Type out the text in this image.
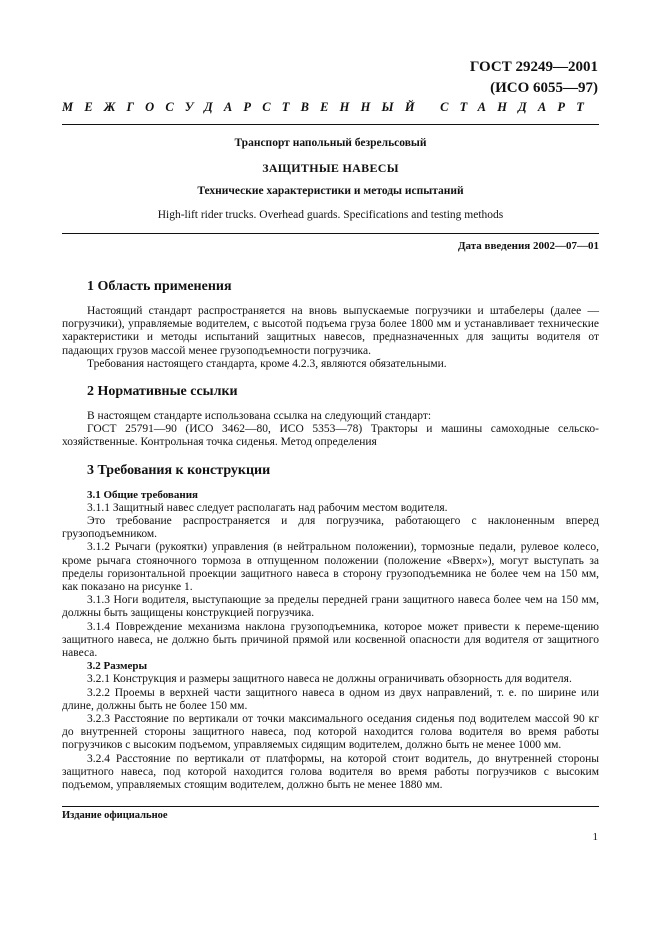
ГОСТ 29249—2001
(ИСО 6055—97)
МЕЖГОСУДАРСТВЕННЫЙ СТАНДАРТ
Транспорт напольный безрельсовый
ЗАЩИТНЫЕ НАВЕСЫ
Технические характеристики и методы испытаний
High-lift rider trucks. Overhead guards. Specifications and testing methods
Дата введения 2002—07—01
1 Область применения

Настоящий стандарт распространяется на вновь выпускаемые погрузчики и штабелеры (далее — погрузчики), управляемые водителем, с высотой подъема груза более 1800 мм и устанавливает технические характеристики и методы испытаний защитных навесов, предназначенных для защиты водителя от падающих грузов массой менее грузоподъемности погрузчика.

Требования настоящего стандарта, кроме 4.2.3, являются обязательными.

2 Нормативные ссылки

В настоящем стандарте использована ссылка на следующий стандарт:

ГОСТ 25791—90 (ИСО 3462—80, ИСО 5353—78) Тракторы и машины самоходные сельско-хозяйственные. Контрольная точка сиденья. Метод определения

3 Требования к конструкции
3.1 Общие требования

3.1.1 Защитный навес следует располагать над рабочим местом водителя.

Это требование распространяется и для погрузчика, работающего с наклоненным вперед грузоподъемником.

3.1.2 Рычаги (рукоятки) управления (в нейтральном положении), тормозные педали, рулевое колесо, кроме рычага стояночного тормоза в отпущенном положении (положение «Вверх»), могут выступать за пределы горизонтальной проекции защитного навеса в сторону грузоподъемника не более чем на 150 мм, как показано на рисунке 1.

3.1.3 Ноги водителя, выступающие за пределы передней грани защитного навеса более чем на 150 мм, должны быть защищены конструкцией погрузчика.

3.1.4 Повреждение механизма наклона грузоподъемника, которое может привести к переме-щению защитного навеса, не должно быть причиной прямой или косвенной опасности для водителя от защитного навеса.

3.2 Размеры

3.2.1 Конструкция и размеры защитного навеса не должны ограничивать обзорность для водителя.

3.2.2 Проемы в верхней части защитного навеса в одном из двух направлений, т. е. по ширине или длине, должны быть не более 150 мм.

3.2.3 Расстояние по вертикали от точки максимального оседания сиденья под водителем массой 90 кг до внутренней стороны защитного навеса, под которой находится голова водителя во время работы погрузчиков с высоким подъемом, управляемых сидящим водителем, должно быть не менее 1000 мм.

3.2.4 Расстояние по вертикали от платформы, на которой стоит водитель, до внутренней стороны защитного навеса, под которой находится голова водителя во время работы погрузчиков с высоким подъемом, управляемых стоящим водителем, должно быть не менее 1880 мм.

Издание официальное
1
